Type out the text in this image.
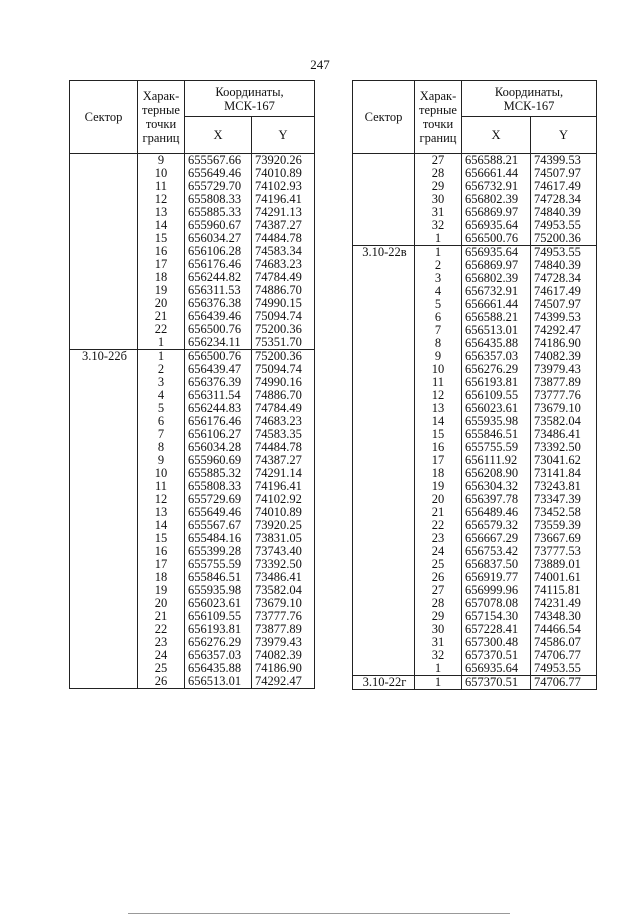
247
Сектор	Харак-
терные
точки
границ	Координаты,
МСК-167	
		X	Y
	9	655567.66	73920.26
	10	655649.46	74010.89
	11	655729.70	74102.93
	12	655808.33	74196.41
	13	655885.33	74291.13
	14	655960.67	74387.27
	15	656034.27	74484.78
	16	656106.28	74583.34
	17	656176.46	74683.23
	18	656244.82	74784.49
	19	656311.53	74886.70
	20	656376.38	74990.15
	21	656439.46	75094.74
	22	656500.76	75200.36
	1	656234.11	75351.70
3.10-22б	1	656500.76	75200.36
	2	656439.47	75094.74
	3	656376.39	74990.16
	4	656311.54	74886.70
	5	656244.83	74784.49
	6	656176.46	74683.23
	7	656106.27	74583.35
	8	656034.28	74484.78
	9	655960.69	74387.27
	10	655885.32	74291.14
	11	655808.33	74196.41
	12	655729.69	74102.92
	13	655649.46	74010.89
	14	655567.67	73920.25
	15	655484.16	73831.05
	16	655399.28	73743.40
	17	655755.59	73392.50
	18	655846.51	73486.41
	19	655935.98	73582.04
	20	656023.61	73679.10
	21	656109.55	73777.76
	22	656193.81	73877.89
	23	656276.29	73979.43
	24	656357.03	74082.39
	25	656435.88	74186.90
	26	656513.01	74292.47
Сектор	Харак-
терные
точки
границ	Координаты,
МСК-167	
		X	Y
	27	656588.21	74399.53
	28	656661.44	74507.97
	29	656732.91	74617.49
	30	656802.39	74728.34
	31	656869.97	74840.39
	32	656935.64	74953.55
	1	656500.76	75200.36
3.10-22в	1	656935.64	74953.55
	2	656869.97	74840.39
	3	656802.39	74728.34
	4	656732.91	74617.49
	5	656661.44	74507.97
	6	656588.21	74399.53
	7	656513.01	74292.47
	8	656435.88	74186.90
	9	656357.03	74082.39
	10	656276.29	73979.43
	11	656193.81	73877.89
	12	656109.55	73777.76
	13	656023.61	73679.10
	14	655935.98	73582.04
	15	655846.51	73486.41
	16	655755.59	73392.50
	17	656111.92	73041.62
	18	656208.90	73141.84
	19	656304.32	73243.81
	20	656397.78	73347.39
	21	656489.46	73452.58
	22	656579.32	73559.39
	23	656667.29	73667.69
	24	656753.42	73777.53
	25	656837.50	73889.01
	26	656919.77	74001.61
	27	656999.96	74115.81
	28	657078.08	74231.49
	29	657154.30	74348.30
	30	657228.41	74466.54
	31	657300.48	74586.07
	32	657370.51	74706.77
	1	656935.64	74953.55
3.10-22г	1	657370.51	74706.77
